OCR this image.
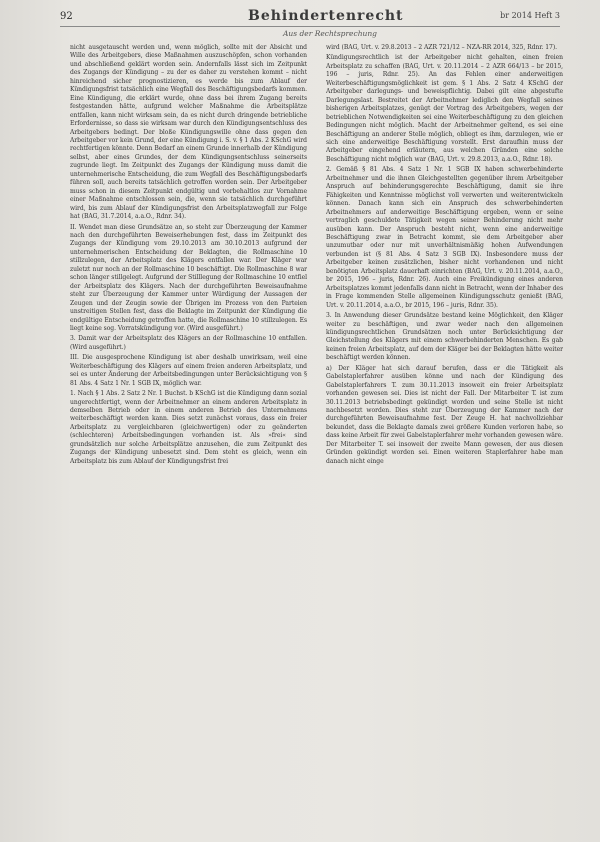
92	Behindertenrecht	br 2014 Heft 3
Aus der Rechtsprechung

nicht ausgetauscht werden und, wenn möglich, sollte mit der Absicht und Wille des Arbeitgebers, diese Maßnahmen auszuschöpfen, schon vorhanden und abschließend geklärt worden sein. Andernfalls lässt sich im Zeitpunkt des Zugangs der Kündigung – zu der es daher zu verstehen kommt – nicht hinreichend sicher prognostizieren, es werde bis zum Ablauf der Kündigungsfrist tatsächlich eine Wegfall des Beschäftigungsbedarfs kommen. Eine Kündigung, die erklärt wurde, ohne dass bei ihrem Zugang bereits festgestanden hätte, aufgrund welcher Maßnahme die Arbeitsplätze entfallen, kann nicht wirksam sein, da es nicht durch dringende betriebliche Erfordernisse, so dass sie wirksam war durch den Kündigungsentschluss des Arbeitgebers bedingt. Der bloße Kündigungswille ohne dass gegen den Arbeitgeber vor kein Grund, der eine Kündigung i. S. v. § 1 Abs. 2 KSchG wird rechtfertigen könnte. Denn Bedarf an einem Grunde innerhalb der Kündigung selbst, aber eines Grundes, der dem Kündigungsentschluss seinerseits zugrunde liegt. Im Zeitpunkt des Zugangs der Kündigung muss damit die unternehmerische Entscheidung, die zum Wegfall des Beschäftigungsbedarfs führen soll, auch bereits tatsächlich getroffen worden sein. Der Arbeitgeber muss schon in diesem Zeitpunkt endgültig und vorbehaltlos zur Vornahme einer Maßnahme entschlossen sein, die, wenn sie tatsächlich durchgeführt wird, bis zum Ablauf der Kündigungsfrist den Arbeitsplatzwegfall zur Folge hat (BAG, 31.7.2014, a.a.O., Rdnr. 34).

II. Wendet man diese Grundsätze an, so steht zur Überzeugung der Kammer nach den durchgeführten Beweiserhebungen fest, dass im Zeitpunkt des Zugangs der Kündigung vom 29.10.2013 am 30.10.2013 aufgrund der unternehmerischen Entscheidung der Beklagten, die Rollmaschine 10 stillzulegen, der Arbeitsplatz des Klägers entfallen war. Der Kläger war zuletzt nur noch an der Rollmaschine 10 beschäftigt. Die Rollmaschine 8 war schon länger stillgelegt. Aufgrund der Stilllegung der Rollmaschine 10 entfiel der Arbeitsplatz des Klägers. Nach der durchgeführten Beweisaufnahme steht zur Überzeugung der Kammer unter Würdigung der Aussagen der Zeugen und der Zeugin sowie der Übrigen im Prozess von den Parteien unstreitigen Stellen fest, dass die Beklagte im Zeitpunkt der Kündigung die endgültige Entscheidung getroffen hatte, die Rollmaschine 10 stillzulegen. Es liegt keine sog. Vorratskündigung vor. (Wird ausgeführt.)

3. Damit war der Arbeitsplatz des Klägers an der Rollmaschine 10 entfallen. (Wird ausgeführt.)

III. Die ausgesprochene Kündigung ist aber deshalb unwirksam, weil eine Weiterbeschäftigung des Klägers auf einem freien anderen Arbeitsplatz, und sei es unter Änderung der Arbeitsbedingungen unter Berücksichtigung von § 81 Abs. 4 Satz 1 Nr. 1 SGB IX, möglich war.

1. Nach § 1 Abs. 2 Satz 2 Nr. 1 Buchst. b KSchG ist die Kündigung dann sozial ungerechtfertigt, wenn der Arbeitnehmer an einem anderen Arbeitsplatz in demselben Betrieb oder in einem anderen Betrieb des Unternehmens weiterbeschäftigt werden kann. Dies setzt zunächst voraus, dass ein freier Arbeitsplatz zu vergleichbaren (gleichwertigen) oder zu geänderten (schlechteren) Arbeitsbedingungen vorhanden ist. Als »frei« sind grundsätzlich nur solche Arbeitsplätze anzusehen, die zum Zeitpunkt des Zugangs der Kündigung unbesetzt sind. Dem steht es gleich, wenn ein Arbeitsplatz bis zum Ablauf der Kündigungsfrist frei

wird (BAG, Urt. v. 29.8.2013 – 2 AZR 721/12 – NZA-RR 2014, 325, Rdnr. 17).

Kündigungsrechtlich ist der Arbeitgeber nicht gehalten, einen freien Arbeitsplatz zu schaffen (BAG, Urt. v. 20.11.2014 – 2 AZR 664/13 – br 2015, 196 – juris, Rdnr. 25). An das Fehlen einer anderweitigen Weiterbeschäftigungsmöglichkeit ist gem. § 1 Abs. 2 Satz 4 KSchG der Arbeitgeber darlegungs- und beweispflichtig. Dabei gilt eine abgestufte Darlegungslast. Bestreitet der Arbeitnehmer lediglich den Wegfall seines bisherigen Arbeitsplatzes, genügt der Vortrag des Arbeitgebers, wegen der betrieblichen Notwendigkeiten sei eine Weiterbeschäftigung zu den gleichen Bedingungen nicht möglich. Macht der Arbeitnehmer geltend, es sei eine Beschäftigung an anderer Stelle möglich, obliegt es ihm, darzulegen, wie er sich eine anderweitige Beschäftigung vorstellt. Erst daraufhin muss der Arbeitgeber eingehend erläutern, aus welchen Gründen eine solche Beschäftigung nicht möglich war (BAG, Urt. v. 29.8.2013, a.a.O., Rdnr. 18).

2. Gemäß § 81 Abs. 4 Satz 1 Nr. 1 SGB IX haben schwerbehinderte Arbeitnehmer und die ihnen Gleichgestellten gegenüber ihrem Arbeitgeber Anspruch auf behinderungsgerechte Beschäftigung, damit sie ihre Fähigkeiten und Kenntnisse möglichst voll verwerten und weiterentwickeln können. Danach kann sich ein Anspruch des schwerbehinderten Arbeitnehmers auf anderweitige Beschäftigung ergeben, wenn er seine vertraglich geschuldete Tätigkeit wegen seiner Behinderung nicht mehr ausüben kann. Der Anspruch besteht nicht, wenn eine anderweitige Beschäftigung zwar in Betracht kommt, sie dem Arbeitgeber aber unzumutbar oder nur mit unverhältnismäßig hohen Aufwendungen verbunden ist (§ 81 Abs. 4 Satz 3 SGB IX). Insbesondere muss der Arbeitgeber keinen zusätzlichen, bisher nicht vorhandenen und nicht benötigten Arbeitsplatz dauerhaft einrichten (BAG, Urt. v. 20.11.2014, a.a.O., br 2015, 196 – juris, Rdnr. 26). Auch eine Freikündigung eines anderen Arbeitsplatzes kommt jedenfalls dann nicht in Betracht, wenn der Inhaber des in Frage kommenden Stelle allgemeinen Kündigungsschutz genießt (BAG, Urt. v. 20.11.2014, a.a.O., br 2015, 196 – juris, Rdnr. 35).

3. In Anwendung dieser Grundsätze bestand keine Möglichkeit, den Kläger weiter zu beschäftigen, und zwar weder nach den allgemeinen kündigungsrechtlichen Grundsätzen noch unter Berücksichtigung der Gleichstellung des Klägers mit einem schwerbehinderten Menschen. Es gab keinen freien Arbeitsplatz, auf dem der Kläger bei der Beklagten hätte weiter beschäftigt werden können.

a) Der Kläger hat sich darauf berufen, dass er die Tätigkeit als Gabelstaplerfahrer ausüben könne und nach der Kündigung des Gabelstaplerfahrers T. zum 30.11.2013 insoweit ein freier Arbeitsplatz vorhanden gewesen sei. Dies ist nicht der Fall. Der Mitarbeiter T. ist zum 30.11.2013 betriebsbedingt gekündigt worden und seine Stelle ist nicht nachbesetzt worden. Dies steht zur Überzeugung der Kammer nach der durchgeführten Beweisaufnahme fest. Der Zeuge H. hat nachvollziehbar bekundet, dass die Beklagte damals zwei größere Kunden verloren habe, so dass keine Arbeit für zwei Gabelstaplerfahrer mehr vorhanden gewesen wäre. Der Mitarbeiter T. sei insoweit der zweite Mann gewesen, der aus diesen Gründen gekündigt worden sei. Einen weiteren Staplerfahrer habe man danach nicht einge
